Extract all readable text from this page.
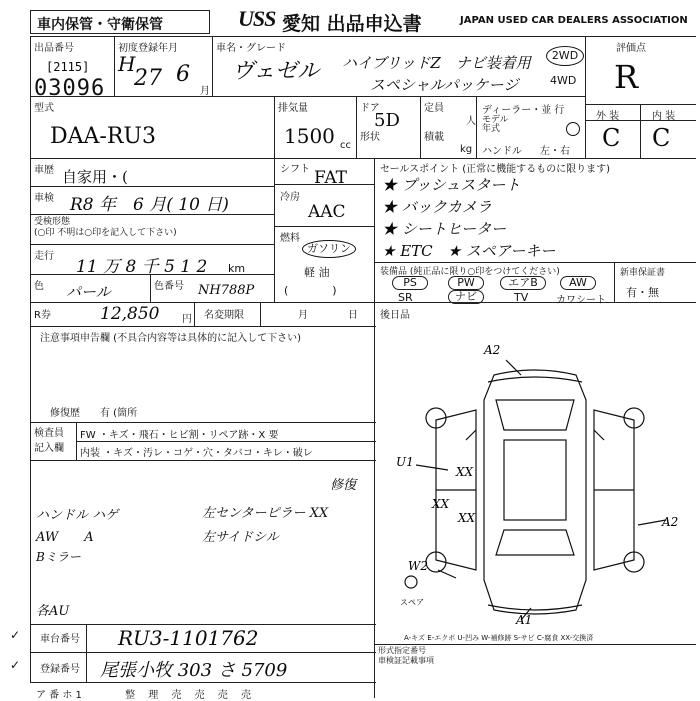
車内保管・守衛保管	USS 愛知 出品申込書	JAPAN USED CAR DEALERS ASSOCIATION
出品番号
[2115]
03096
初度登録年月
H
27 6
月
車名・グレード
ヴェゼル ハイブリッドZ　ナビ装着用
スペシャルパッケージ
2WD
4WD
評価点
R
外 装	内 装
C C
型式
DAA-RU3
排気量
1500 cc
ドア
5D
形状
定員
人
積載
kg
ディーラー・並 行
モデル
年式
ハンドル 左・右
車歴 自家用・(
車検 R8 年　6 月( 10 日)
受検形態
(○印 不明は○印を記入して下さい)
走行
11 万 8 千 5 1 2 km
色 パール	色番号 NH788P
シフト FAT
冷房
AAC
燃料
ガソリン
軽 油
(　　　　)
セールスポイント (正常に機能するものに限ります)
★ プッシュスタート
★ バックカメラ
★ シートヒーター
★ ETC　★ スペアーキー
装備品 (純正品に限り○印をつけてください)
PS	PW	エアB	AW
SR	ナビ	TV	カワシート
新車保証書
有・無
R券	12,850 円 名変期限	月	日 後日品
注意事項申告欄 (不具合内容等は具体的に記入して下さい)
修復歴　　有 (箇所
検査員
記入欄
FW ・キズ・飛石・ヒビ割・リペア跡・X 要
内装 ・キズ・汚レ・コゲ・穴・タバコ・キレ・破レ
修復
ハンドル ハゲ
AW　　A
Bミラー
左センターピラー XX
左サイドシル
各AU
車台番号 RU3-1101762
登録番号 尾張小牧 303 さ 5709
ア 番 ホ 1　　　　 整　 理　 売　 売　 売　 売
A-キズ E-エクボ U-凹み W-補修跡 S-サビ C-腐食 XX-交換済
形式指定番号
車検証記載事項
A2
U1
XX
XX
XX	A2
W2
A1
スペア
✓
✓
